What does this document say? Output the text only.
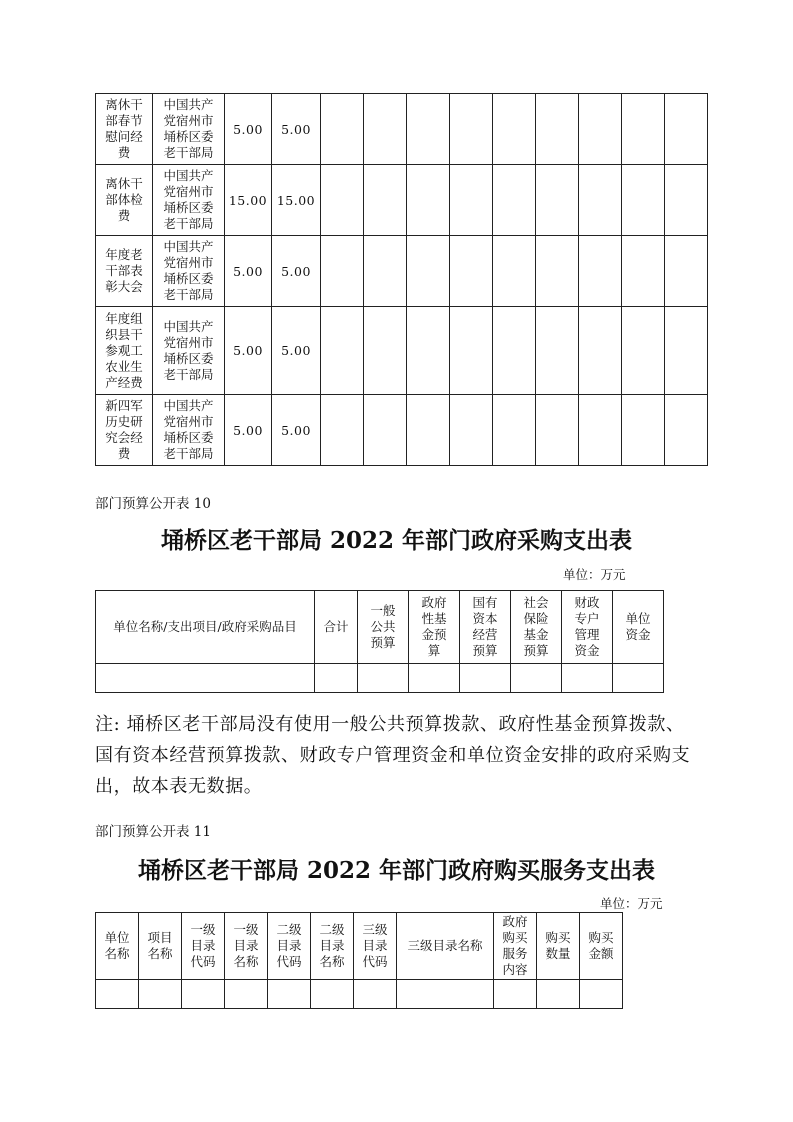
离休干部春节慰问经费	中国共产党宿州市埇桥区委老干部局	5.00	5.00									

离休干部体检费	中国共产党宿州市埇桥区委老干部局	15.00	15.00									

年度老干部表彰大会	中国共产党宿州市埇桥区委老干部局	5.00	5.00									

年度组织县干参观工农业生产经费	中国共产党宿州市埇桥区委老干部局	5.00	5.00									

新四军历史研究会经费	中国共产党宿州市埇桥区委老干部局	5.00	5.00									

部门预算公开表 10
埇桥区老干部局 2022 年部门政府采购支出表
单位：万元
单位名称/支出项目/政府采购品目	合计	一般公共预算	政府性基金预算	国有资本经营预算	社会保险基金预算	财政专户管理资金	单位资金

注: 埇桥区老干部局没有使用一般公共预算拨款、政府性基金预算拨款、国有资本经营预算拨款、财政专户管理资金和单位资金安排的政府采购支出，故本表无数据。
部门预算公开表 11
埇桥区老干部局 2022 年部门政府购买服务支出表
单位：万元
单位名称	项目名称	一级目录代码	一级目录名称	二级目录代码	二级目录名称	三级目录代码	三级目录名称	政府购买服务内容	购买数量	购买金额
